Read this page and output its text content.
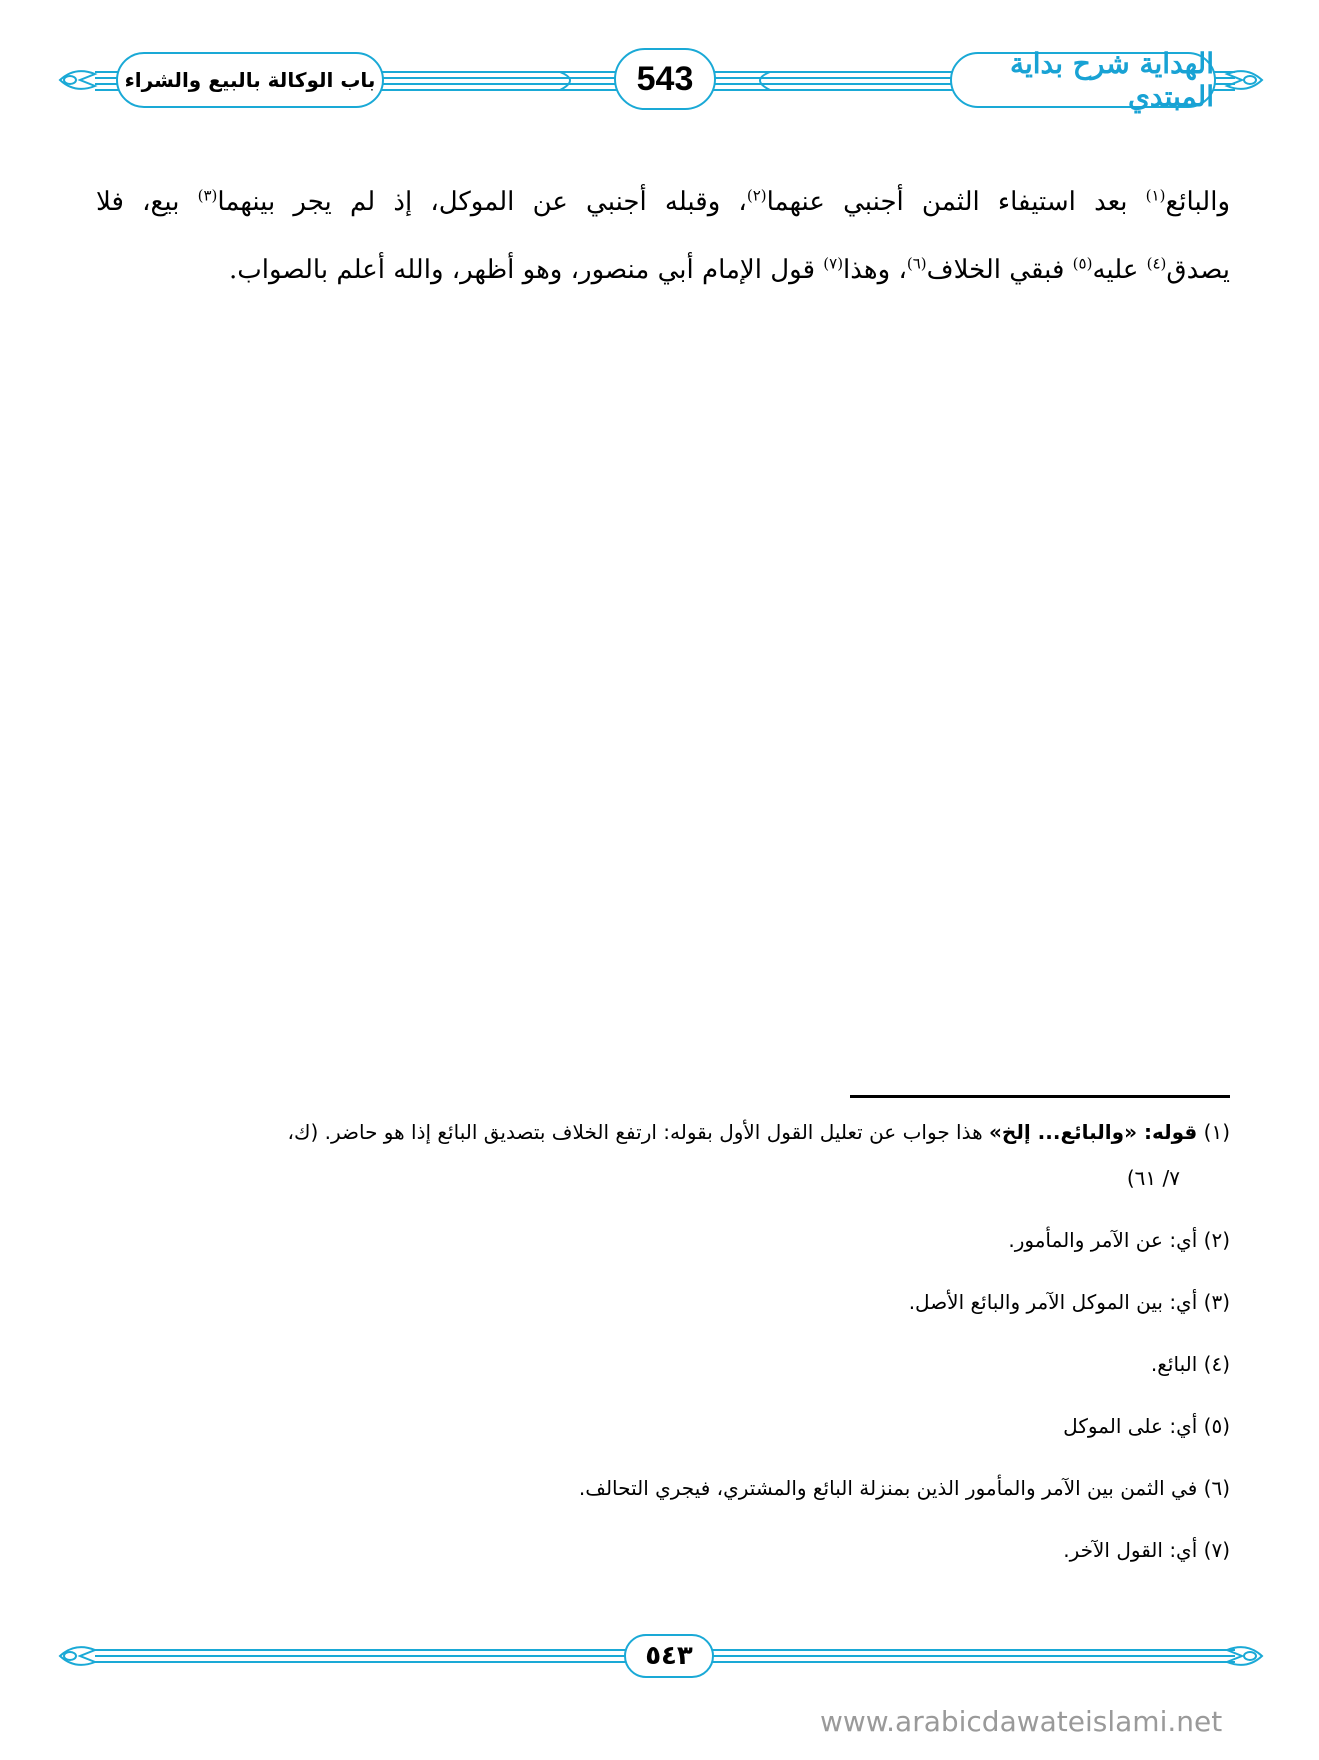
الهداية شرح بداية المبتدي
543
باب الوكالة بالبيع والشراء

والبائع$^{(١)}$ بعد استيفاء الثمن أجنبي عنهما$^{(٢)}$، وقبله أجنبي عن الموكل، إذ لم يجر بينهما$^{(٣)}$ بيع، فلا

يصدق$^{(٤)}$ عليه$^{(٥)}$ فبقي الخلاف$^{(٦)}$، وهذا$^{(٧)}$ قول الإمام أبي منصور، وهو أظهر، والله أعلم بالصواب.

(١) قوله: «والبائع... إلخ» هذا جواب عن تعليل القول الأول بقوله: ارتفع الخلاف بتصديق البائع إذا هو حاضر. (ك،

٧/ ٦١)

(٢) أي: عن الآمر والمأمور.

(٣) أي: بين الموكل الآمر والبائع الأصل.

(٤) البائع.

(٥) أي: على الموكل

(٦) في الثمن بين الآمر والمأمور الذين بمنزلة البائع والمشتري، فيجري التحالف.

(٧) أي: القول الآخر.

٥٤٣
www.arabicdawateislami.net
